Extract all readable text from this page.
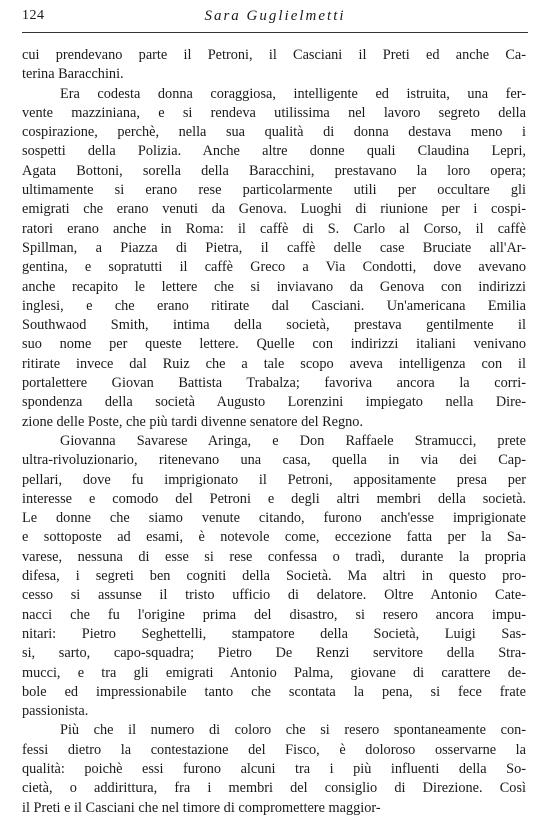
124	Sara Guglielmetti
cui prendevano parte il Petroni, il Casciani il Preti ed anche Ca-
terina Baracchini.
Era codesta donna coraggiosa, intelligente ed istruita, una fer-
vente mazziniana, e si rendeva utilissima nel lavoro segreto della
cospirazione, perchè, nella sua qualità di donna destava meno i
sospetti della Polizia. Anche altre donne quali Claudina Lepri,
Agata Bottoni, sorella della Baracchini, prestavano la loro opera;
ultimamente si erano rese particolarmente utili per occultare gli
emigrati che erano venuti da Genova. Luoghi di riunione per i cospi-
ratori erano anche in Roma: il caffè di S. Carlo al Corso, il caffè
Spillman, a Piazza di Pietra, il caffè delle case Bruciate all'Ar-
gentina, e sopratutti il caffè Greco a Via Condotti, dove avevano
anche recapito le lettere che si inviavano da Genova con indirizzi
inglesi, e che erano ritirate dal Casciani. Un'americana Emilia
Southwaod Smith, intima della società, prestava gentilmente il
suo nome per queste lettere. Quelle con indirizzi italiani venivano
ritirate invece dal Ruiz che a tale scopo aveva intelligenza con il
portalettere Giovan Battista Trabalza; favoriva ancora la corri-
spondenza della società Augusto Lorenzini impiegato nella Dire-
zione delle Poste, che più tardi divenne senatore del Regno.
Giovanna Savarese Aringa, e Don Raffaele Stramucci, prete
ultra-rivoluzionario, ritenevano una casa, quella in via dei Cap-
pellari, dove fu imprigionato il Petroni, appositamente presa per
interesse e comodo del Petroni e degli altri membri della società.
Le donne che siamo venute citando, furono anch'esse imprigionate
e sottoposte ad esami, è notevole come, eccezione fatta per la Sa-
varese, nessuna di esse si rese confessa o tradì, durante la propria
difesa, i segreti ben cogniti della Società. Ma altri in questo pro-
cesso si assunse il tristo ufficio di delatore. Oltre Antonio Cate-
nacci che fu l'origine prima del disastro, si resero ancora impu-
nitari: Pietro Seghettelli, stampatore della Società, Luigi Sas-
si, sarto, capo-squadra; Pietro De Renzi servitore della Stra-
mucci, e tra gli emigrati Antonio Palma, giovane di carattere de-
bole ed impressionabile tanto che scontata la pena, si fece frate
passionista.
Più che il numero di coloro che si resero spontaneamente con-
fessi dietro la contestazione del Fisco, è doloroso osservarne la
qualità: poichè essi furono alcuni tra i più influenti della So-
cietà, o addirittura, fra i membri del consiglio di Direzione. Così
il Preti e il Casciani che nel timore di compromettere maggior-
